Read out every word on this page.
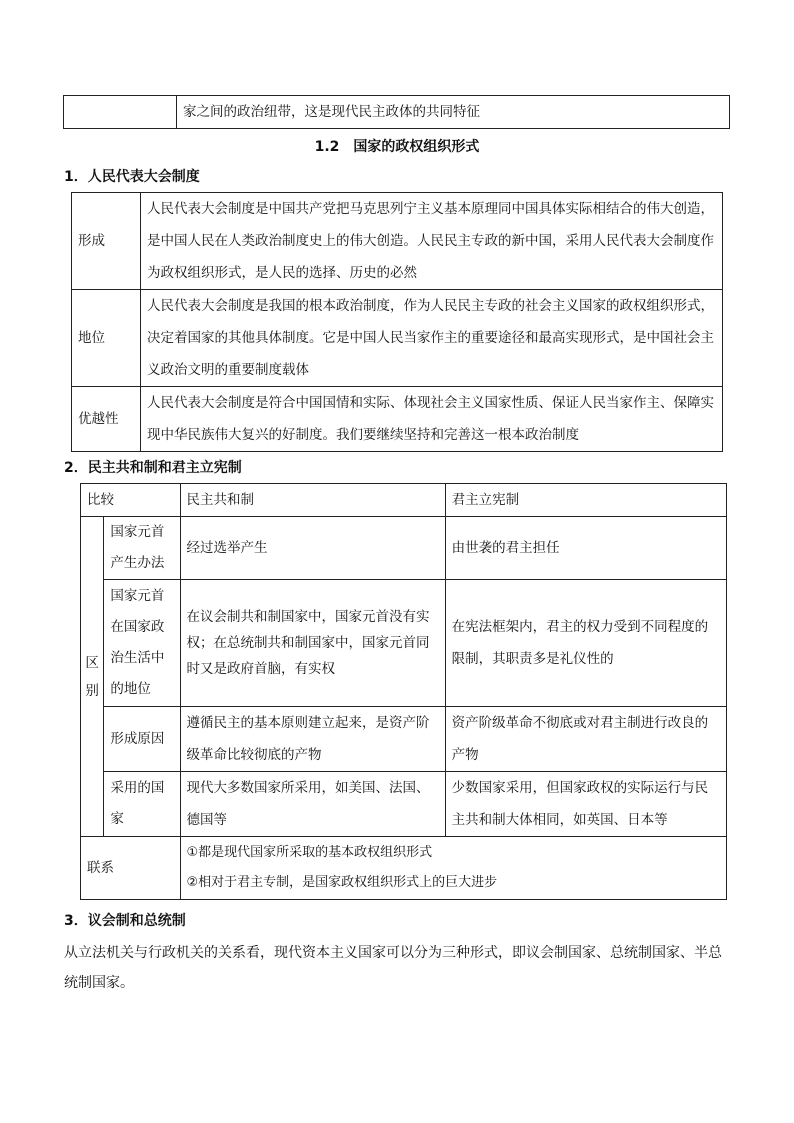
	家之间的政治纽带，这是现代民主政体的共同特征
1.2　国家的政权组织形式
1．人民代表大会制度
形成	人民代表大会制度是中国共产党把马克思列宁主义基本原理同中国具体实际相结合的伟大创造，是中国人民在人类政治制度史上的伟大创造。人民民主专政的新中国，采用人民代表大会制度作为政权组织形式，是人民的选择、历史的必然
地位	人民代表大会制度是我国的根本政治制度，作为人民民主专政的社会主义国家的政权组织形式，决定着国家的其他具体制度。它是中国人民当家作主的重要途径和最高实现形式，是中国社会主义政治文明的重要制度载体
优越性	人民代表大会制度是符合中国国情和实际、体现社会主义国家性质、保证人民当家作主、保障实现中华民族伟大复兴的好制度。我们要继续坚持和完善这一根本政治制度
2．民主共和制和君主立宪制
比较		民主共和制	君主立宪制

区别	国家元首产生办法	经过选举产生	由世袭的君主担任
	国家元首在国家政治生活中的地位	在议会制共和制国家中，国家元首没有实权；在总统制共和制国家中，国家元首同时又是政府首脑，有实权	在宪法框架内，君主的权力受到不同程度的限制，其职责多是礼仪性的
	形成原因	遵循民主的基本原则建立起来，是资产阶级革命比较彻底的产物	资产阶级革命不彻底或对君主制进行改良的产物
	采用的国家	现代大多数国家所采用，如美国、法国、德国等	少数国家采用，但国家政权的实际运行与民主共和制大体相同，如英国、日本等
联系		①都是现代国家所采取的基本政权组织形式
②相对于君主专制，是国家政权组织形式上的巨大进步	
3．议会制和总统制
从立法机关与行政机关的关系看，现代资本主义国家可以分为三种形式，即议会制国家、总统制国家、半总统制国家。
